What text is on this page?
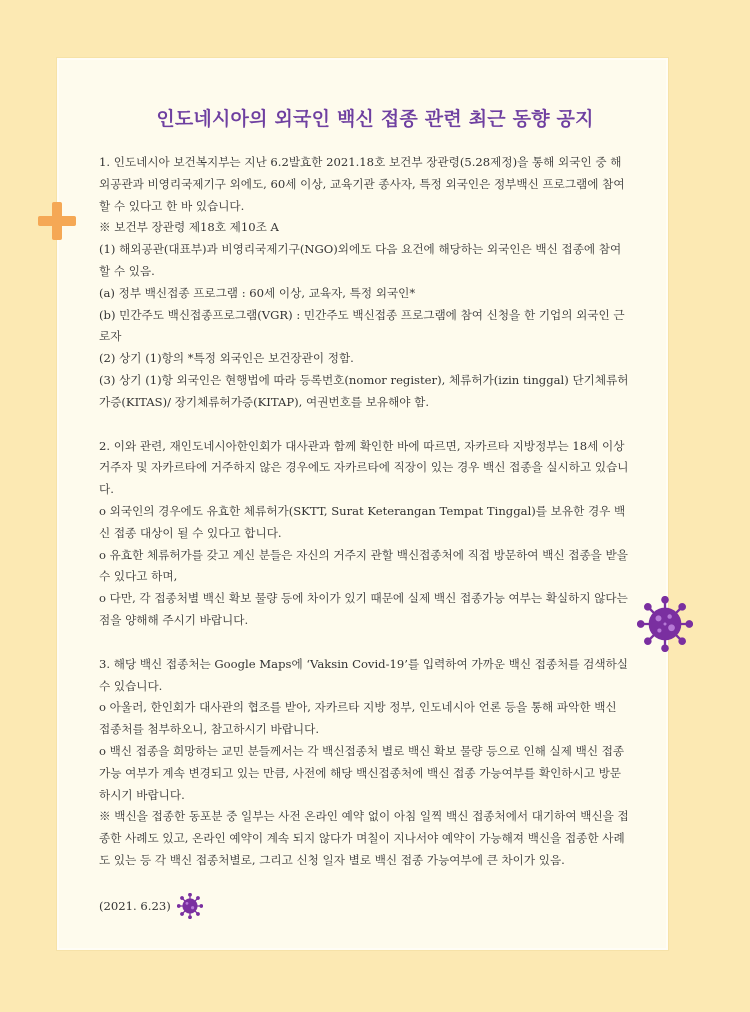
인도네시아의 외국인 백신 접종 관련 최근 동향 공지

1. 인도네시아 보건복지부는 지난 6.2발효한 2021.18호 보건부 장관령(5.28제정)을 통해 외국인 중 해외공관과 비영리국제기구 외에도, 60세 이상, 교육기관 종사자, 특정 외국인은 정부백신 프로그램에 참여할 수 있다고 한 바 있습니다.

※ 보건부 장관령 제18호 제10조 A

(1) 해외공관(대표부)과 비영리국제기구(NGO)외에도 다음 요건에 해당하는 외국인은 백신 접종에 참여할 수 있음.

(a) 정부 백신접종 프로그램 : 60세 이상, 교육자, 특정 외국인*

(b) 민간주도 백신접종프로그램(VGR) : 민간주도 백신접종 프로그램에 참여 신청을 한 기업의 외국인 근로자

(2) 상기 (1)항의 *특정 외국인은 보건장관이 정함.

(3) 상기 (1)항 외국인은 현행법에 따라 등록번호(nomor register), 체류허가(izin tinggal) 단기체류허가증(KITAS)/ 장기체류허가증(KITAP), 여권번호를 보유해야 함.

2. 이와 관련, 재인도네시아한인회가 대사관과 함께 확인한 바에 따르면, 자카르타 지방정부는 18세 이상 거주자 및 자카르타에 거주하지 않은 경우에도 자카르타에 직장이 있는 경우 백신 접종을 실시하고 있습니다.

o 외국인의 경우에도 유효한 체류허가(SKTT, Surat Keterangan Tempat Tinggal)를 보유한 경우 백신 접종 대상이 될 수 있다고 합니다.

o 유효한 체류허가를 갖고 계신 분들은 자신의 거주지 관할 백신접종처에 직접 방문하여 백신 접종을 받을 수 있다고 하며,

o 다만, 각 접종처별 백신 확보 물량 등에 차이가 있기 때문에 실제 백신 접종가능 여부는 확실하지 않다는 점을 양해해 주시기 바랍니다.

3. 해당 백신 접종처는 Google Maps에 ‘Vaksin Covid-19’를 입력하여 가까운 백신 접종처를 검색하실 수 있습니다.

o 아울러, 한인회가 대사관의 협조를 받아, 자카르타 지방 정부, 인도네시아 언론 등을 통해 파악한 백신 접종처를 첨부하오니, 참고하시기 바랍니다.

o 백신 접종을 희망하는 교민 분들께서는 각 백신접종처 별로 백신 확보 물량 등으로 인해 실제 백신 접종 가능 여부가 계속 변경되고 있는 만큼, 사전에 해당 백신접종처에 백신 접종 가능여부를 확인하시고 방문하시기 바랍니다.

※ 백신을 접종한 동포분 중 일부는 사전 온라인 예약 없이 아침 일찍 백신 접종처에서 대기하여 백신을 접종한 사례도 있고, 온라인 예약이 계속 되지 않다가 며칠이 지나서야 예약이 가능해져 백신을 접종한 사례도 있는 등 각 백신 접종처별로, 그리고 신청 일자 별로 백신 접종 가능여부에 큰 차이가 있음.

(2021. 6.23)
